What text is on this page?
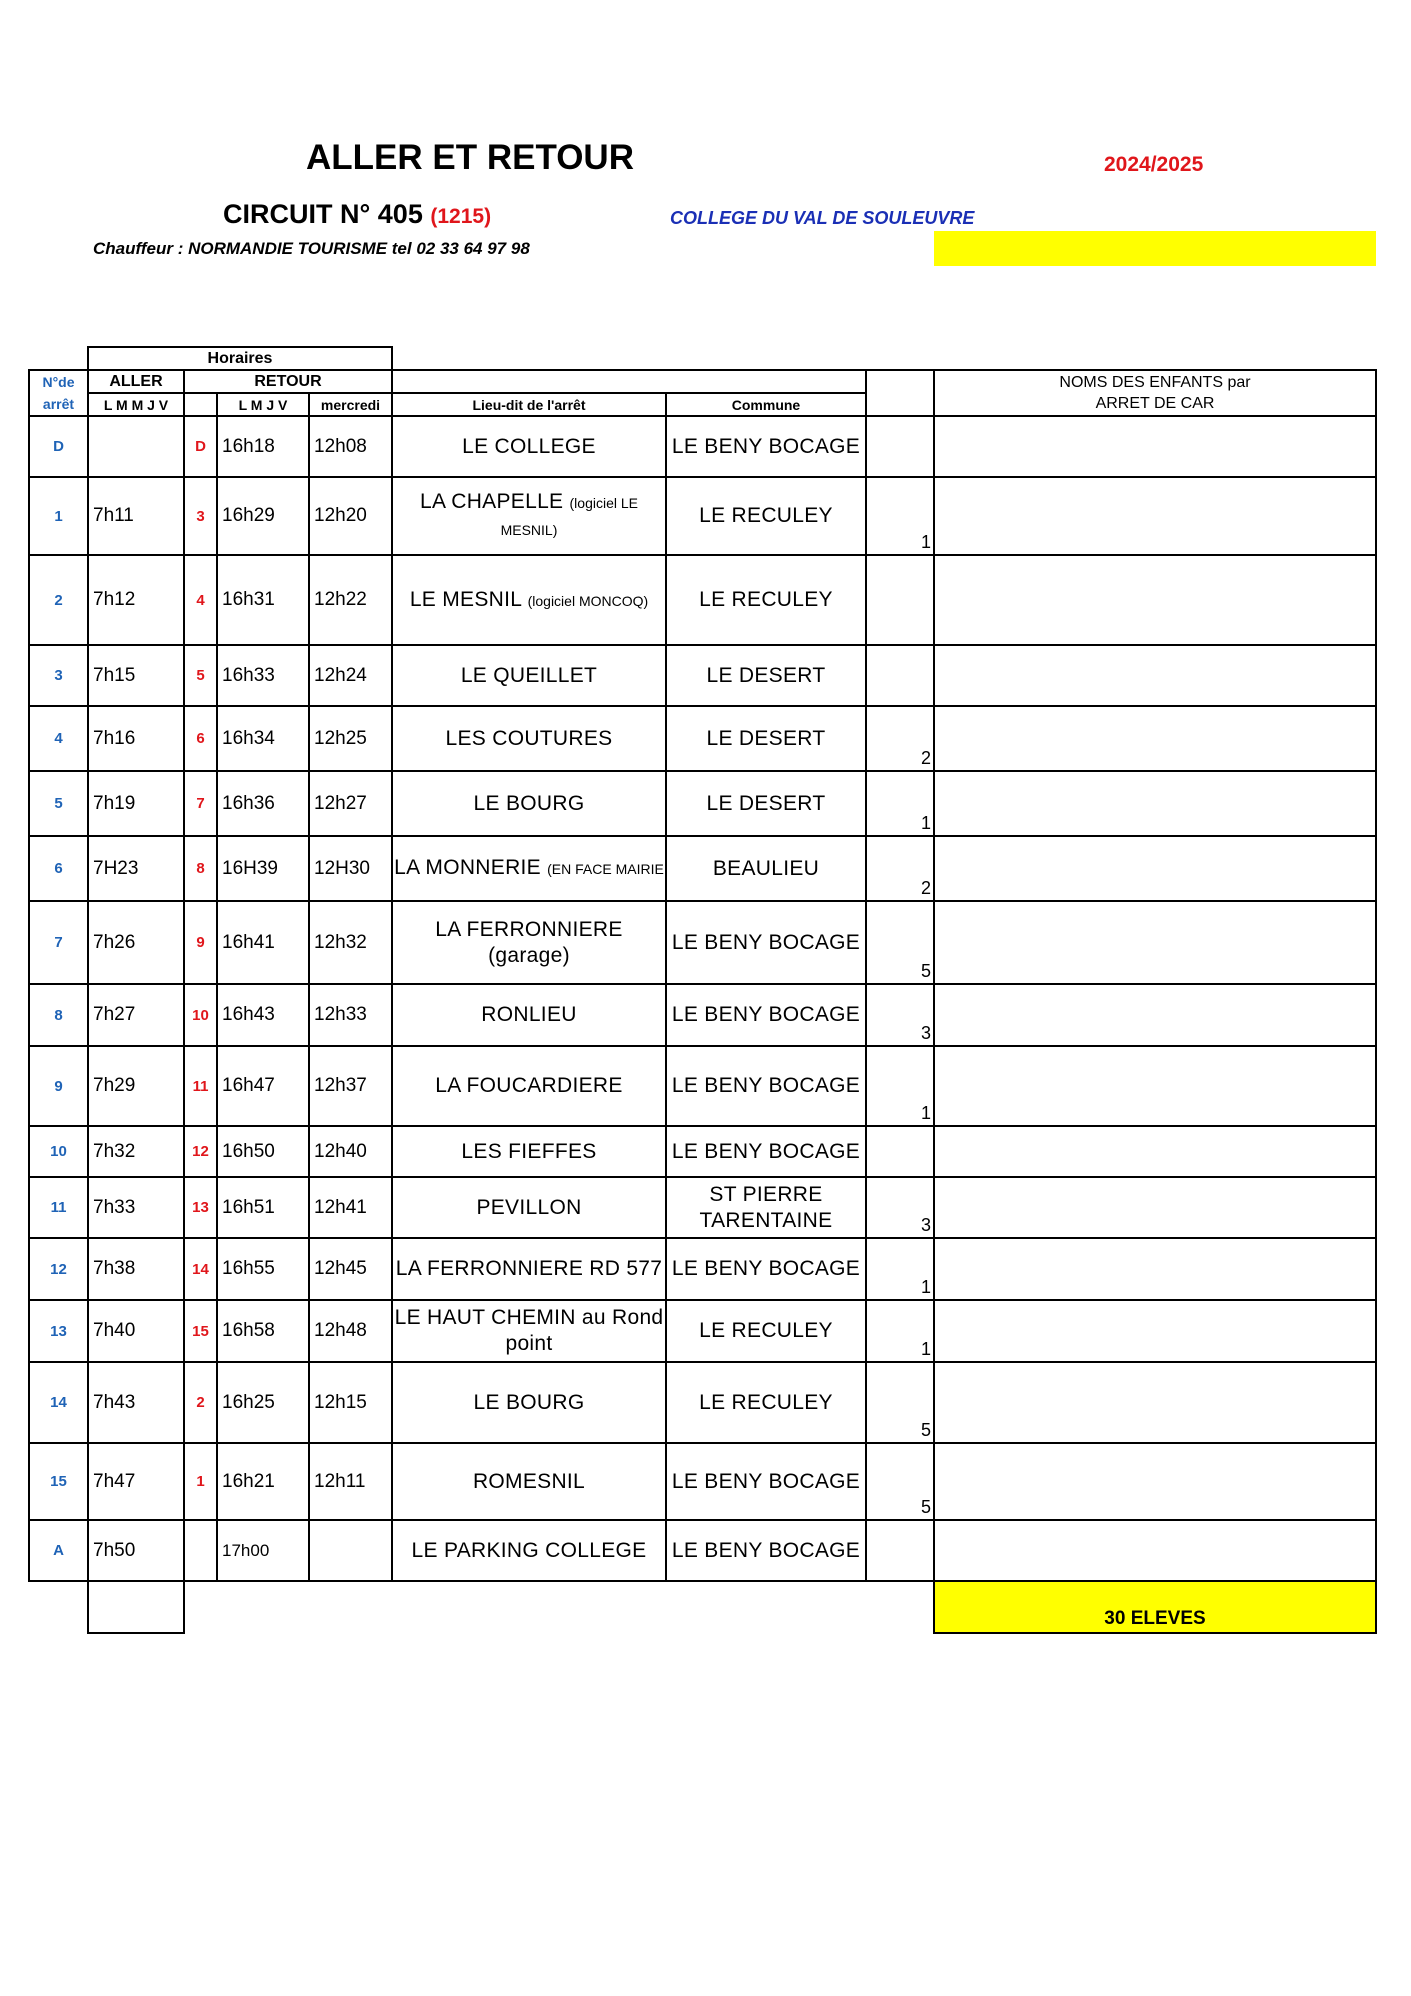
ALLER ET RETOUR	2024/2025
CIRCUIT N° 405 (1215)	COLLEGE DU VAL DE SOULEUVRE
Chauffeur : NORMANDIE TOURISME tel 02 33 64 97 98
	Horaires							
N°de	ALLER	RETOUR						NOMS DES ENFANTS par
ARRET DE CAR
arrêt	L M M J V		L M J V	mercredi	Lieu-dit de l'arrêt	Commune		
D		D	16h18	12h08	LE COLLEGE	LE BENY BOCAGE		
1	7h11	3	16h29	12h20	LA CHAPELLE (logiciel LE MESNIL)	LE RECULEY	1	
2	7h12	4	16h31	12h22	LE MESNIL (logiciel MONCOQ)	LE RECULEY		
3	7h15	5	16h33	12h24	LE QUEILLET	LE DESERT		
4	7h16	6	16h34	12h25	LES COUTURES	LE DESERT	2	
5	7h19	7	16h36	12h27	LE BOURG	LE DESERT	1	
6	7H23	8	16H39	12H30	LA MONNERIE (EN FACE MAIRIE	BEAULIEU	2	
7	7h26	9	16h41	12h32	LA FERRONNIERE (garage)	LE BENY BOCAGE	5	
8	7h27	10	16h43	12h33	RONLIEU	LE BENY BOCAGE	3	
9	7h29	11	16h47	12h37	LA FOUCARDIERE	LE BENY BOCAGE	1	
10	7h32	12	16h50	12h40	LES FIEFFES	LE BENY BOCAGE		
11	7h33	13	16h51	12h41	PEVILLON	ST PIERRE TARENTAINE	3	
12	7h38	14	16h55	12h45	LA FERRONNIERE RD 577	LE BENY BOCAGE	1	
13	7h40	15	16h58	12h48	LE HAUT CHEMIN au Rond point	LE RECULEY	1	
14	7h43	2	16h25	12h15	LE BOURG	LE RECULEY	5	
15	7h47	1	16h21	12h11	ROMESNIL	LE BENY BOCAGE	5	
A	7h50		17h00		LE PARKING COLLEGE	LE BENY BOCAGE		
								30 ELEVES
